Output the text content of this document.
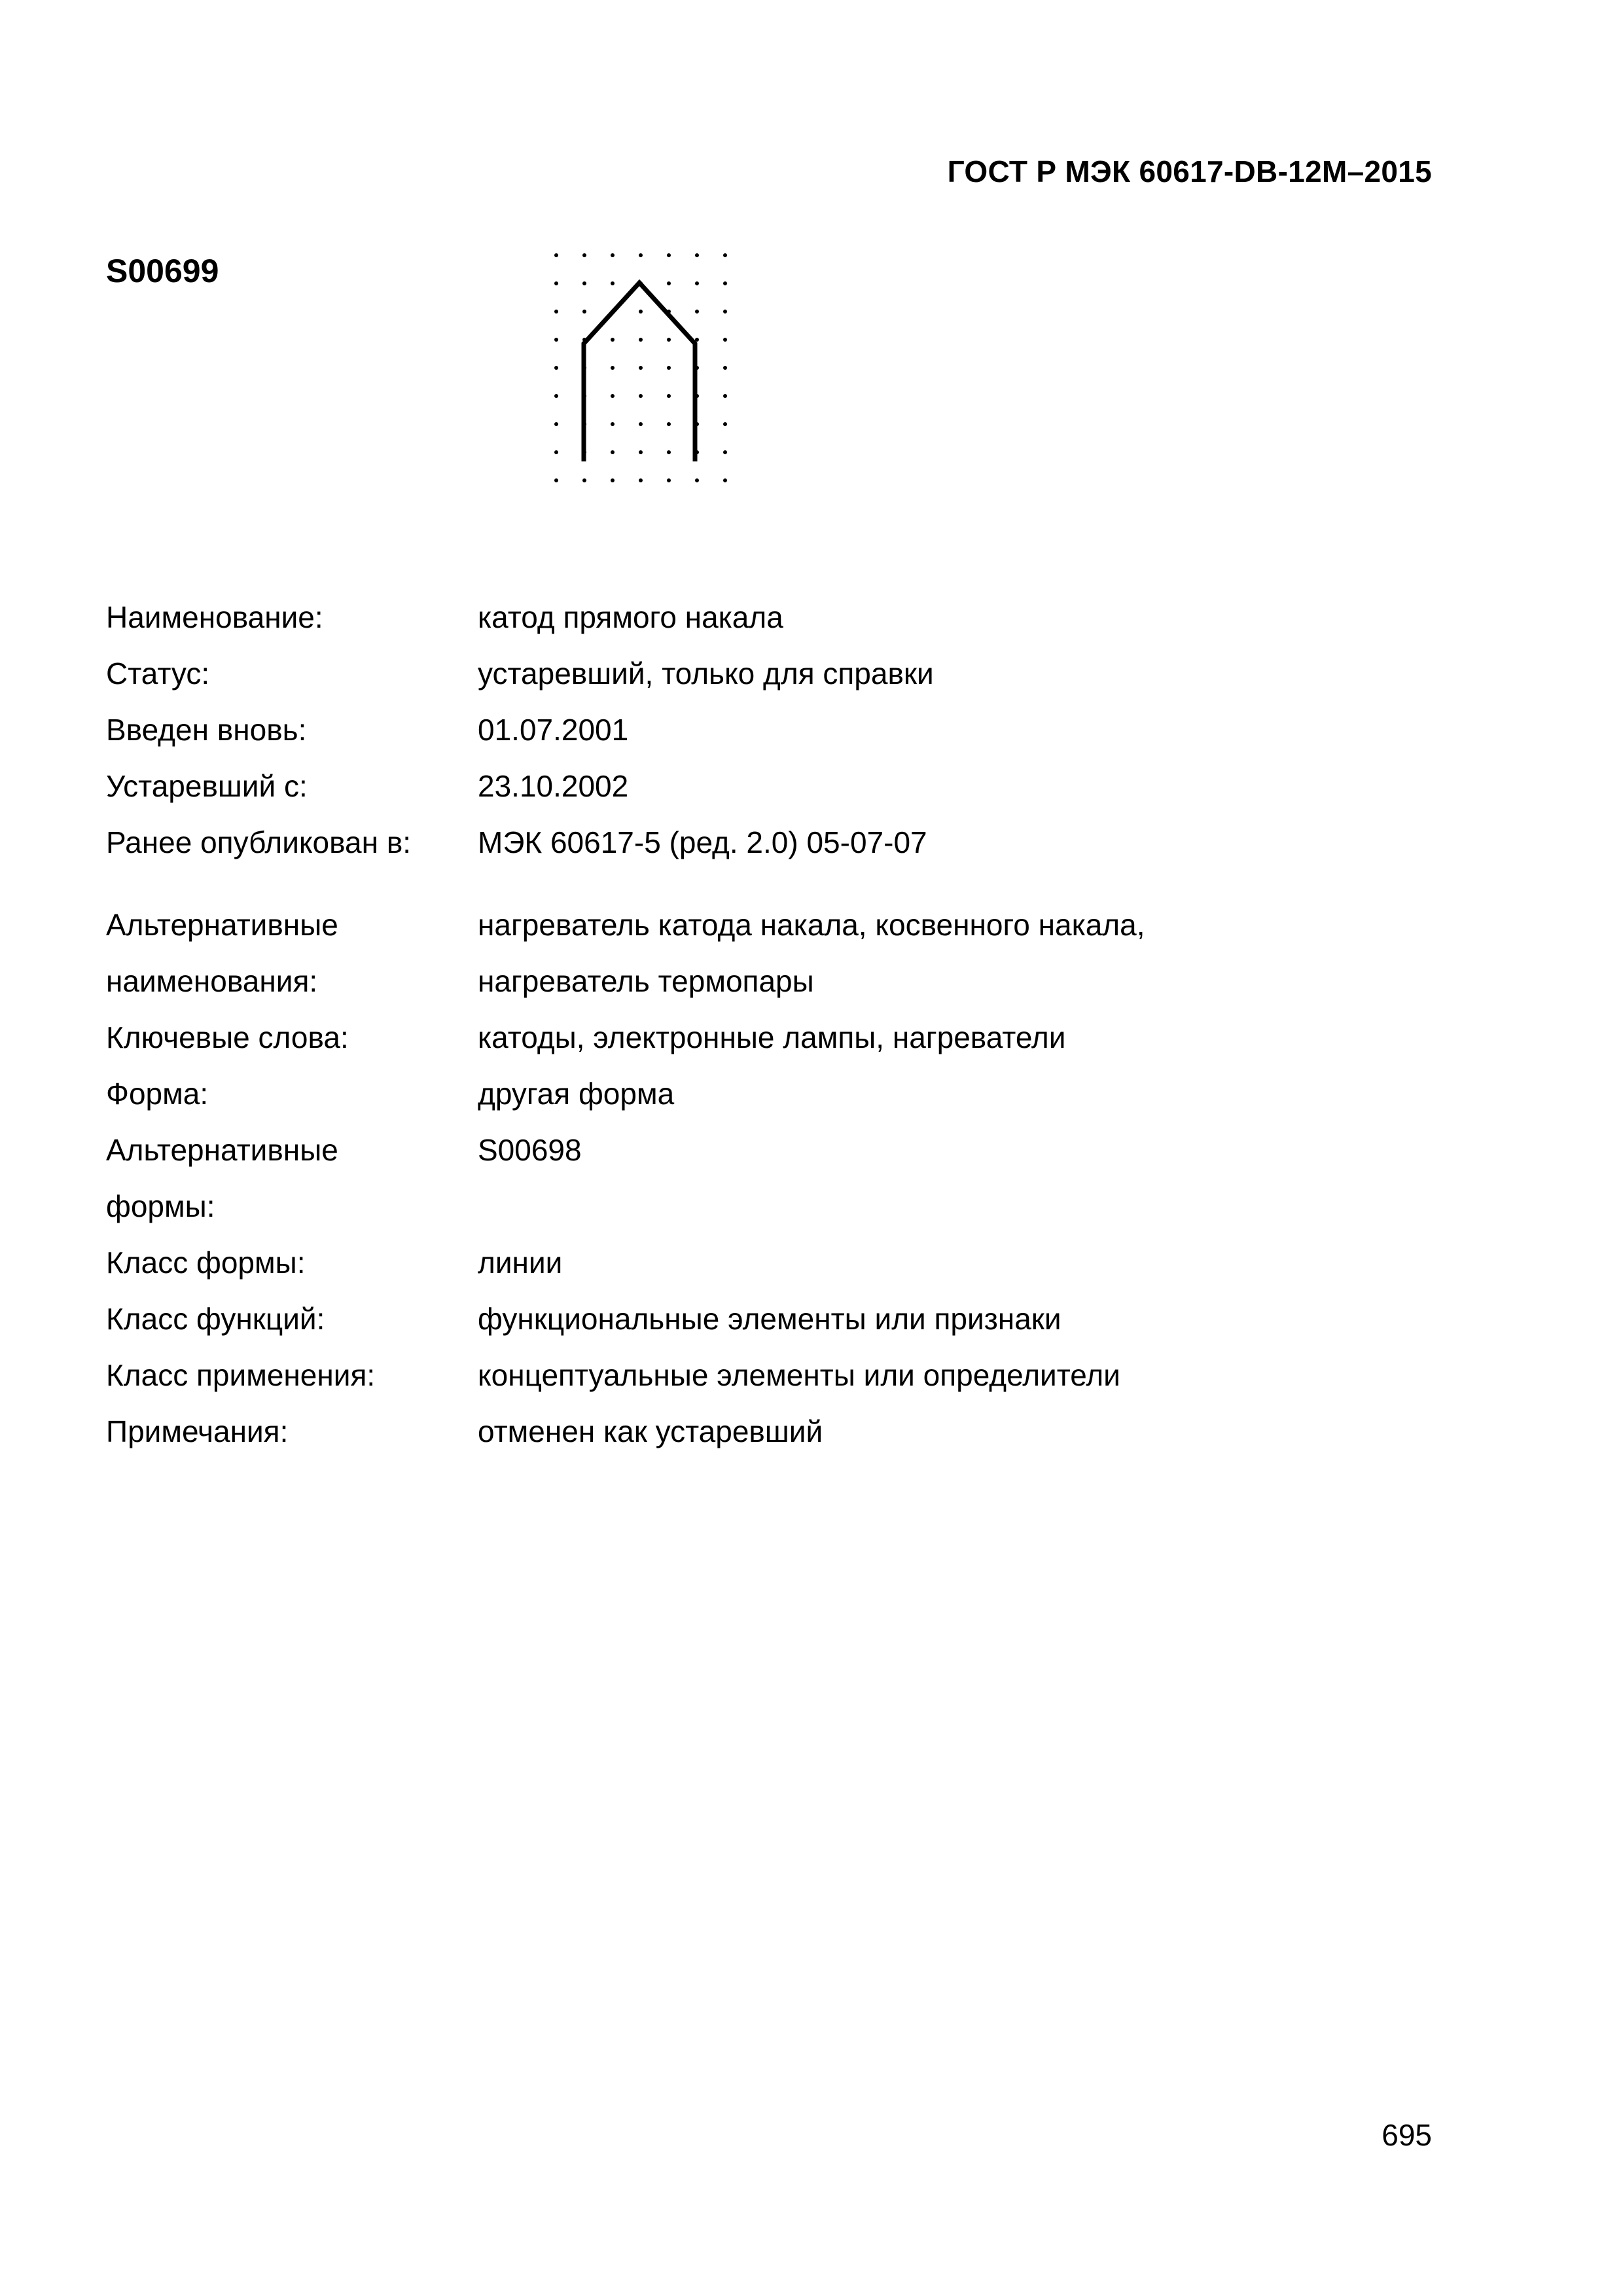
ГОСТ Р МЭК 60617-DB-12M–2015
S00699
Наименование:	катод прямого накала
Статус:	устаревший, только для справки
Введен вновь:	01.07.2001
Устаревший с:	23.10.2002
Ранее опубликован в:	МЭК 60617-5 (ред. 2.0) 05-07-07
Альтернативные	нагреватель катода накала, косвенного накала,
наименования:	нагреватель термопары
Ключевые слова:	катоды, электронные лампы, нагреватели
Форма:	другая форма
Альтернативные	S00698
формы:
Класс формы:	линии
Класс функций:	функциональные элементы или признаки
Класс применения:	концептуальные элементы или определители
Примечания:	отменен как устаревший
695
